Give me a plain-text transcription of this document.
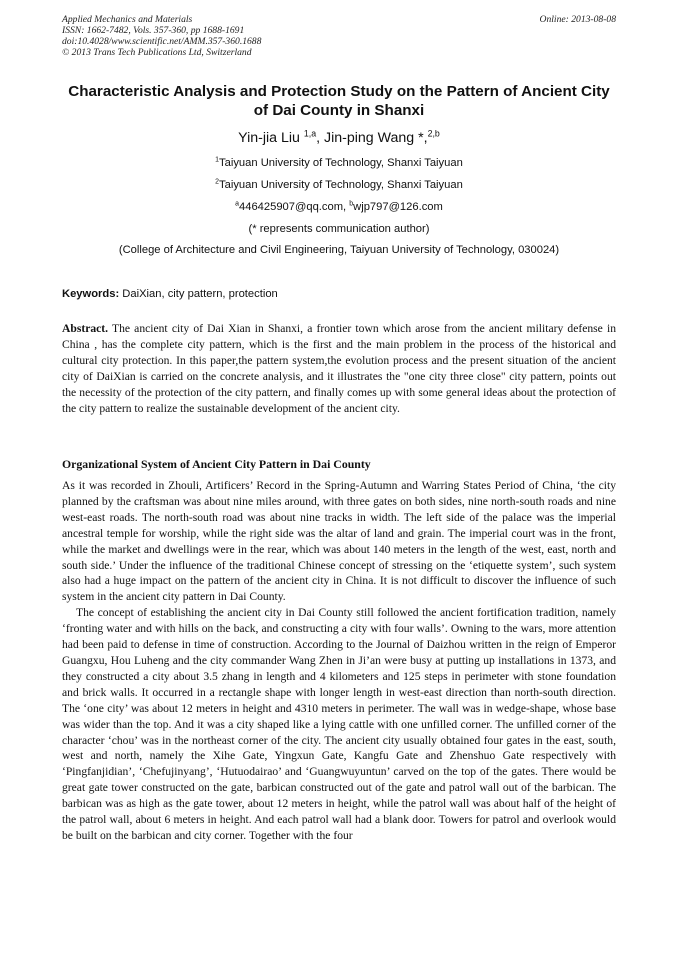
Applied Mechanics and Materials
ISSN: 1662-7482, Vols. 357-360, pp 1688-1691
doi:10.4028/www.scientific.net/AMM.357-360.1688
© 2013 Trans Tech Publications Ltd, Switzerland
Online: 2013-08-08
Characteristic Analysis and Protection Study on the Pattern of Ancient City of Dai County in Shanxi
Yin-jia Liu $^{1,a}$, Jin-ping Wang *,$^{2,b}$
$^1$Taiyuan University of Technology, Shanxi Taiyuan
$^2$Taiyuan University of Technology, Shanxi Taiyuan
$^a$446425907@qq.com, $^b$wjp797@126.com
(* represents communication author)
(College of Architecture and Civil Engineering, Taiyuan University of Technology, 030024)
Keywords: DaiXian, city pattern, protection
Abstract. The ancient city of Dai Xian in Shanxi, a frontier town which arose from the ancient military defense in China , has the complete city pattern, which is the first and the main problem in the process of the historical and cultural city protection. In this paper,the pattern system,the evolution process and the present situation of the ancient city of DaiXian is carried on the concrete analysis, and it illustrates the "one city three close" city pattern, points out the necessity of the protection of the city pattern, and finally comes up with some general ideas about the protection of the city pattern to realize the sustainable development of the ancient city.
Organizational System of Ancient City Pattern in Dai County

As it was recorded in Zhouli, Artificers’ Record in the Spring-Autumn and Warring States Period of China, ‘the city planned by the craftsman was about nine miles around, with three gates on both sides, nine north-south roads and nine west-east roads. The north-south road was about nine tracks in width. The left side of the palace was the imperial ancestral temple for worship, while the right side was the altar of land and grain. The imperial court was in the front, while the market and dwellings were in the rear, which was about 140 meters in the length of the west, east, north and south side.’ Under the influence of the traditional Chinese concept of stressing on the ‘etiquette system’, such system also had a huge impact on the pattern of the ancient city in China. It is not difficult to discover the influence of such system in the ancient city pattern in Dai County.

The concept of establishing the ancient city in Dai County still followed the ancient fortification tradition, namely ‘fronting water and with hills on the back, and constructing a city with four walls’. Owning to the wars, more attention had been paid to defense in time of construction. According to the Journal of Daizhou written in the reign of Emperor Guangxu, Hou Luheng and the city commander Wang Zhen in Ji’an were busy at putting up installations in 1373, and they constructed a city about 3.5 zhang in length and 4 kilometers and 125 steps in perimeter with stone foundation and brick walls. It occurred in a rectangle shape with longer length in west-east direction than north-south direction. The ‘one city’ was about 12 meters in height and 4310 meters in perimeter. The wall was in wedge-shape, whose base was wider than the top. And it was a city shaped like a lying cattle with one unfilled corner. The unfilled corner of the character ‘chou’ was in the northeast corner of the city. The ancient city usually obtained four gates in the east, south, west and north, namely the Xihe Gate, Yingxun Gate, Kangfu Gate and Zhenshuo Gate respectively with ‘Pingfanjidian’, ‘Chefujinyang’, ‘Hutuodairao’ and ‘Guangwuyuntun’ carved on the top of the gates. There would be great gate tower constructed on the gate, barbican constructed out of the gate and patrol wall out of the barbican. The barbican was as high as the gate tower, about 12 meters in height, while the patrol wall was about half of the height of the patrol wall, about 6 meters in height. And each patrol wall had a blank door. Towers for patrol and overlook would be built on the barbican and city corner. Together with the four
